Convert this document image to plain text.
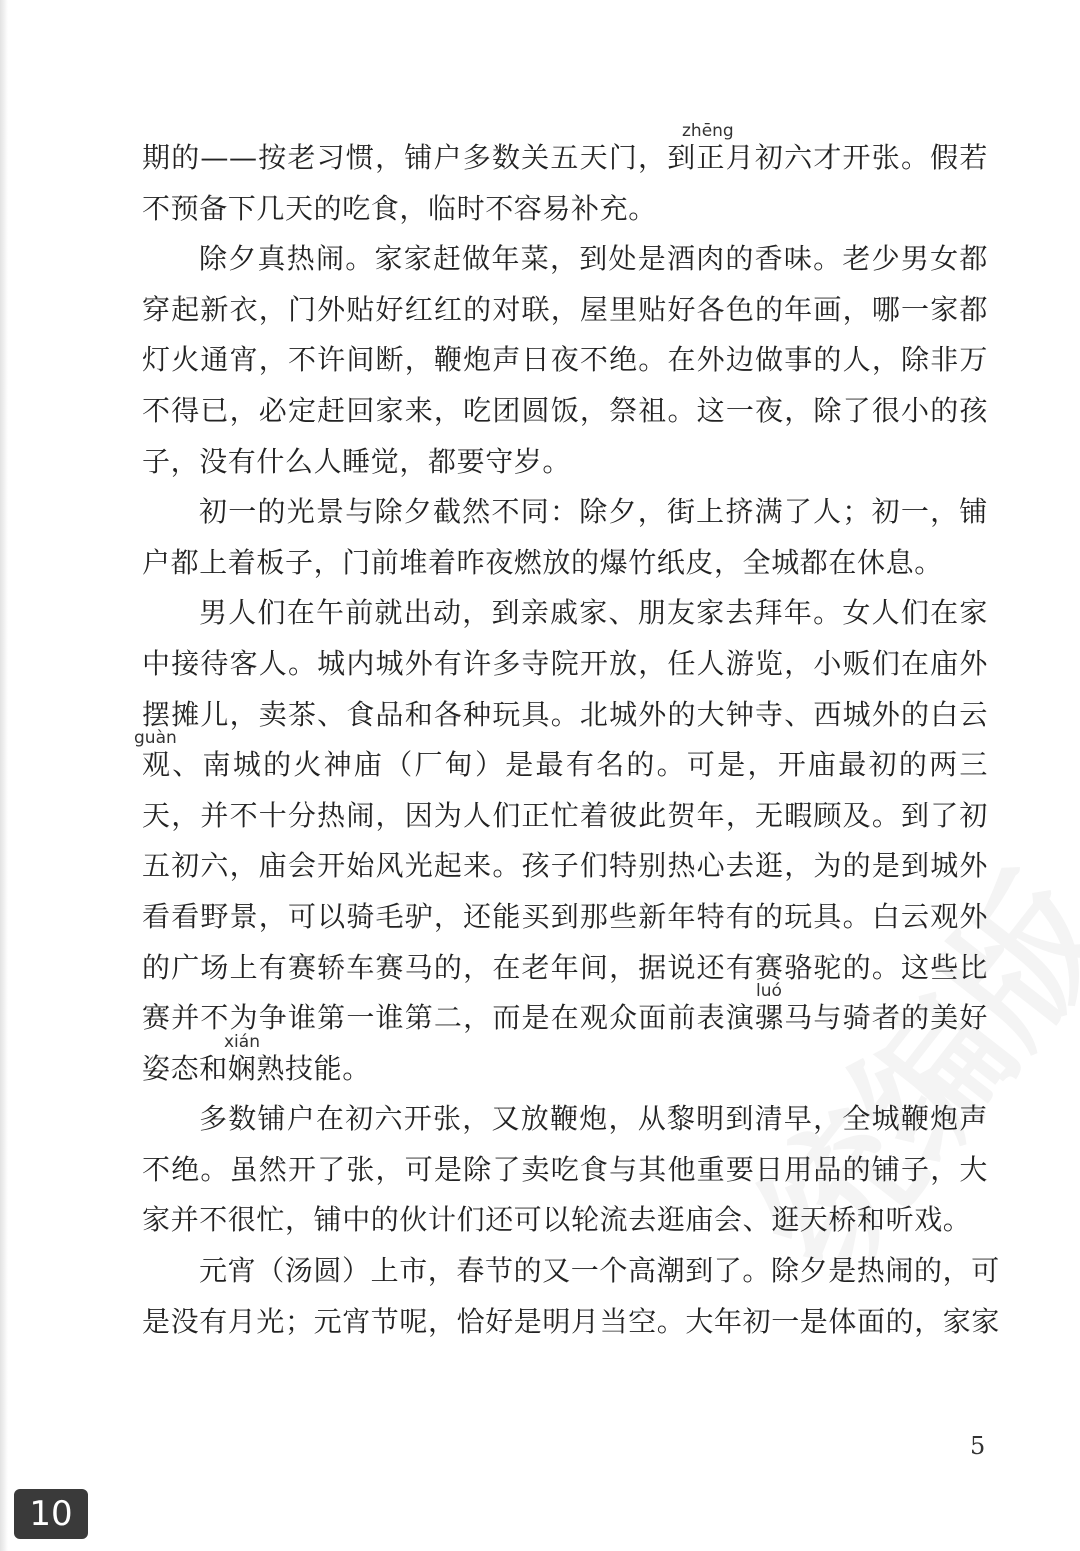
zhēng
期的——按老习惯，铺户多数关五天门，到正月初六才开张。假若
不预备下几天的吃食，临时不容易补充。
除夕真热闹。家家赶做年菜，到处是酒肉的香味。老少男女都
穿起新衣，门外贴好红红的对联，屋里贴好各色的年画，哪一家都
灯火通宵，不许间断，鞭炮声日夜不绝。在外边做事的人，除非万
不得已，必定赶回家来，吃团圆饭，祭祖。这一夜，除了很小的孩
子，没有什么人睡觉，都要守岁。
初一的光景与除夕截然不同：除夕，街上挤满了人；初一，铺
户都上着板子，门前堆着昨夜燃放的爆竹纸皮，全城都在休息。
男人们在午前就出动，到亲戚家、朋友家去拜年。女人们在家
中接待客人。城内城外有许多寺院开放，任人游览，小贩们在庙外
摆摊儿，卖茶、食品和各种玩具。北城外的大钟寺、西城外的白云
guàn
观、南城的火神庙（厂甸）是最有名的。可是，开庙最初的两三
天，并不十分热闹，因为人们正忙着彼此贺年，无暇顾及。到了初
五初六，庙会开始风光起来。孩子们特别热心去逛，为的是到城外
看看野景，可以骑毛驴，还能买到那些新年特有的玩具。白云观外
的广场上有赛轿车赛马的，在老年间，据说还有赛骆驼的。这些比
luó
赛并不为争谁第一谁第二，而是在观众面前表演骡马与骑者的美好
xián
姿态和娴熟技能。
多数铺户在初六开张，又放鞭炮，从黎明到清早，全城鞭炮声
不绝。虽然开了张，可是除了卖吃食与其他重要日用品的铺子，大
家并不很忙，铺中的伙计们还可以轮流去逛庙会、逛天桥和听戏。
元宵（汤圆）上市，春节的又一个高潮到了。除夕是热闹的，可
是没有月光；元宵节呢，恰好是明月当空。大年初一是体面的，家家
5
10
